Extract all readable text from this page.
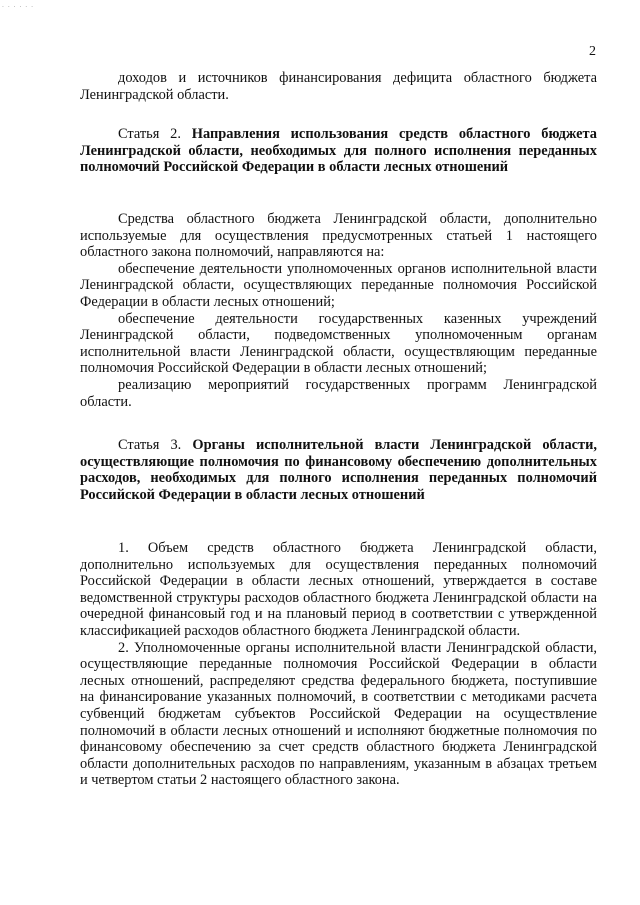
· · · · · ·
2

доходов и источников финансирования дефицита областного бюджета Ленинградской области.

Статья 2. Направления использования средств областного бюджета Ленинградской области, необходимых для полного исполнения переданных полномочий Российской Федерации в области лесных отношений

Средства областного бюджета Ленинградской области, дополнительно используемые для осуществления предусмотренных статьей 1 настоящего областного закона полномочий, направляются на:

обеспечение деятельности уполномоченных органов исполнительной власти Ленинградской области, осуществляющих переданные полномочия Российской Федерации в области лесных отношений;

обеспечение деятельности государственных казенных учреждений Ленинградской области, подведомственных уполномоченным органам исполнительной власти Ленинградской области, осуществляющим переданные полномочия Российской Федерации в области лесных отношений;

реализацию мероприятий государственных программ Ленинградской области.

Статья 3. Органы исполнительной власти Ленинградской области, осуществляющие полномочия по финансовому обеспечению дополнительных расходов, необходимых для полного исполнения переданных полномочий Российской Федерации в области лесных отношений

1. Объем средств областного бюджета Ленинградской области, дополнительно используемых для осуществления переданных полномочий Российской Федерации в области лесных отношений, утверждается в составе ведомственной структуры расходов областного бюджета Ленинградской области на очередной финансовый год и на плановый период в соответствии с утвержденной классификацией расходов областного бюджета Ленинградской области.

2. Уполномоченные органы исполнительной власти Ленинградской области, осуществляющие переданные полномочия Российской Федерации в области лесных отношений, распределяют средства федерального бюджета, поступившие на финансирование указанных полномочий, в соответствии с методиками расчета субвенций бюджетам субъектов Российской Федерации на осуществление полномочий в области лесных отношений и исполняют бюджетные полномочия по финансовому обеспечению за счет средств областного бюджета Ленинградской области дополнительных расходов по направлениям, указанным в абзацах третьем и четвертом статьи 2 настоящего областного закона.
